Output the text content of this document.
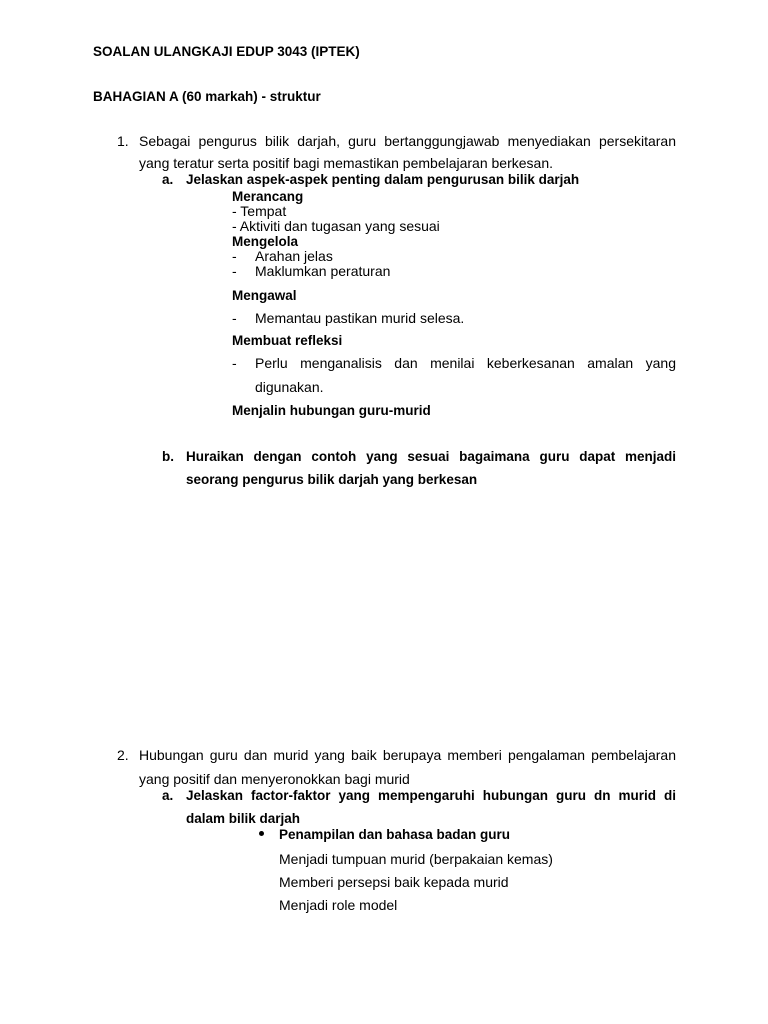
SOALAN ULANGKAJI EDUP 3043 (IPTEK)
BAHAGIAN A (60 markah) - struktur
1. Sebagai pengurus bilik darjah, guru bertanggungjawab menyediakan persekitaran
yang teratur serta positif bagi memastikan pembelajaran berkesan.
a. Jelaskan aspek-aspek penting dalam pengurusan bilik darjah
Merancang
- Tempat
- Aktiviti dan tugasan yang sesuai
Mengelola
- Arahan jelas
- Maklumkan peraturan
Mengawal
- Memantau pastikan murid selesa.
Membuat refleksi
- Perlu menganalisis dan menilai keberkesanan amalan yang
digunakan.
Menjalin hubungan guru-murid
b. Huraikan dengan contoh yang sesuai bagaimana guru dapat menjadi
seorang pengurus bilik darjah yang berkesan
2. Hubungan guru dan murid yang baik berupaya memberi pengalaman pembelajaran
yang positif dan menyeronokkan bagi murid
a. Jelaskan factor-faktor yang mempengaruhi hubungan guru dn murid di
dalam bilik darjah
Penampilan dan bahasa badan guru
Menjadi tumpuan murid (berpakaian kemas)
Memberi persepsi baik kepada murid
Menjadi role model
